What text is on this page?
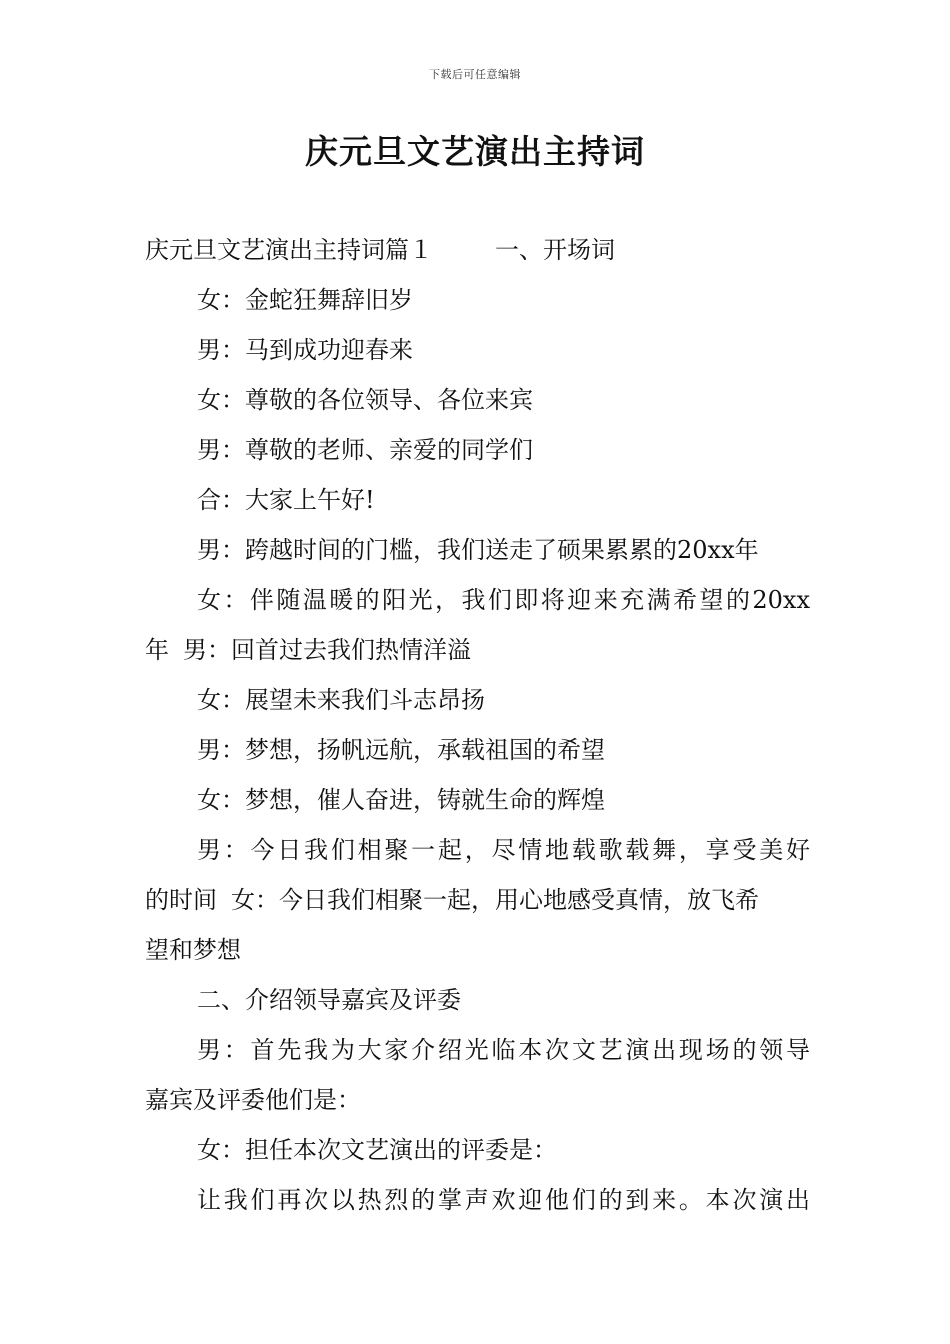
下载后可任意编辑
庆元旦文艺演出主持词
庆元旦文艺演出主持词篇１	一、开场词
女：金蛇狂舞辞旧岁
男：马到成功迎春来
女：尊敬的各位领导、各位来宾
男：尊敬的老师、亲爱的同学们
合：大家上午好!
男：跨越时间的门槛，我们送走了硕果累累的20xx年
女：伴随温暖的阳光，我们即将迎来充满希望的20xx
年 男：回首过去我们热情洋溢
女：展望未来我们斗志昂扬
男：梦想，扬帆远航，承载祖国的希望
女：梦想，催人奋进，铸就生命的辉煌
男：今日我们相聚一起，尽情地载歌载舞，享受美好
的时间 女：今日我们相聚一起，用心地感受真情，放飞希
望和梦想
二、介绍领导嘉宾及评委
男：首先我为大家介绍光临本次文艺演出现场的领导
嘉宾及评委他们是：
女：担任本次文艺演出的评委是：
让我们再次以热烈的掌声欢迎他们的到来。本次演出
